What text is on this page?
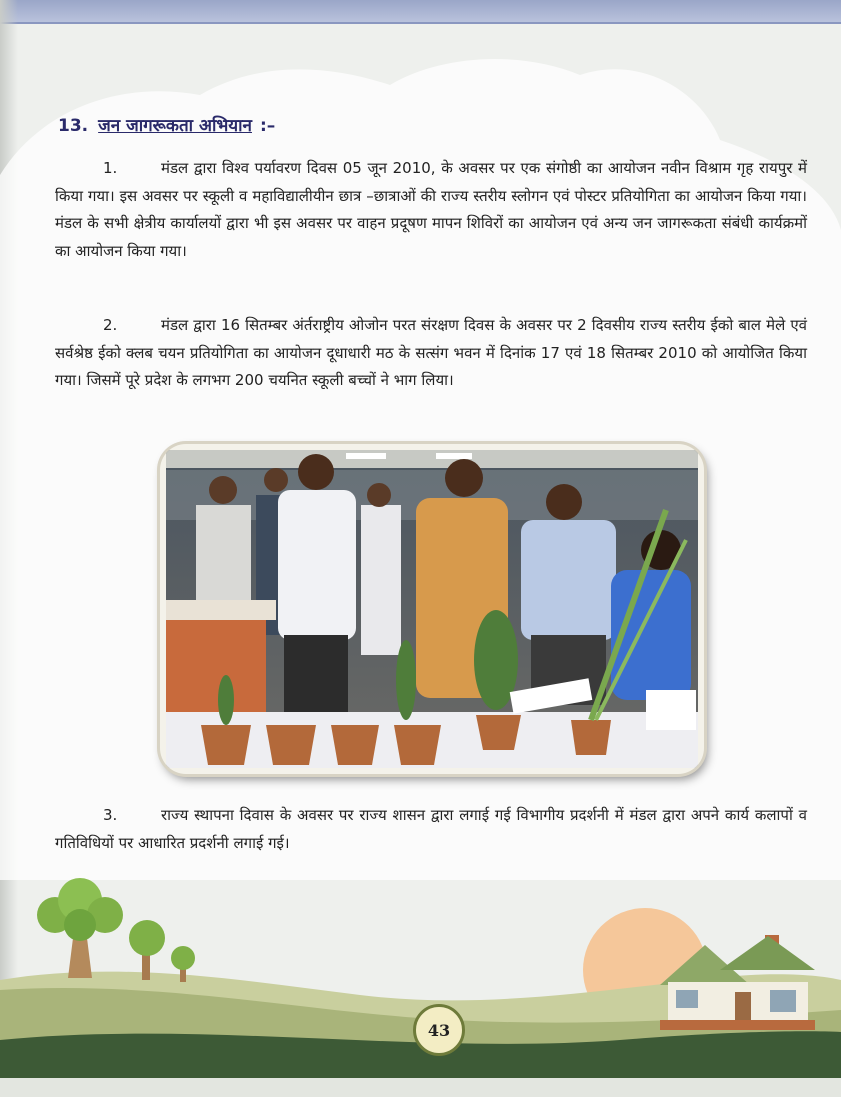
13. जन जागरूकता अभियान :–
1.	मंडल द्वारा विश्व पर्यावरण दिवस 05 जून 2010, के अवसर पर एक संगोष्ठी का आयोजन नवीन विश्राम गृह रायपुर में किया गया। इस अवसर पर स्कूली व महाविद्यालीयीन छात्र –छात्राओं की राज्य स्तरीय स्लोगन एवं पोस्टर प्रतियोगिता का आयोजन किया गया। मंडल के सभी क्षेत्रीय कार्यालयों द्वारा भी इस अवसर पर वाहन प्रदूषण मापन शिविरों का आयोजन एवं अन्य जन जागरूकता संबंधी कार्यक्रमों का आयोजन किया गया।
2.	मंडल द्वारा 16 सितम्बर अंर्तराष्ट्रीय ओजोन परत संरक्षण दिवस के अवसर पर 2 दिवसीय राज्य स्तरीय ईको बाल मेले एवं सर्वश्रेष्ठ ईको क्लब चयन प्रतियोगिता का आयोजन दूधाधारी मठ के सत्संग भवन में दिनांक 17 एवं 18 सितम्बर 2010 को आयोजित किया गया। जिसमें पूरे प्रदेश के लगभग 200 चयनित स्कूली बच्चों ने भाग लिया।
3.	राज्य स्थापना दिवास के अवसर पर राज्य शासन द्वारा लगाई गई विभागीय प्रदर्शनी में मंडल द्वारा अपने कार्य कलापों व गतिविधियों पर आधारित प्रदर्शनी लगाई गई।
43
